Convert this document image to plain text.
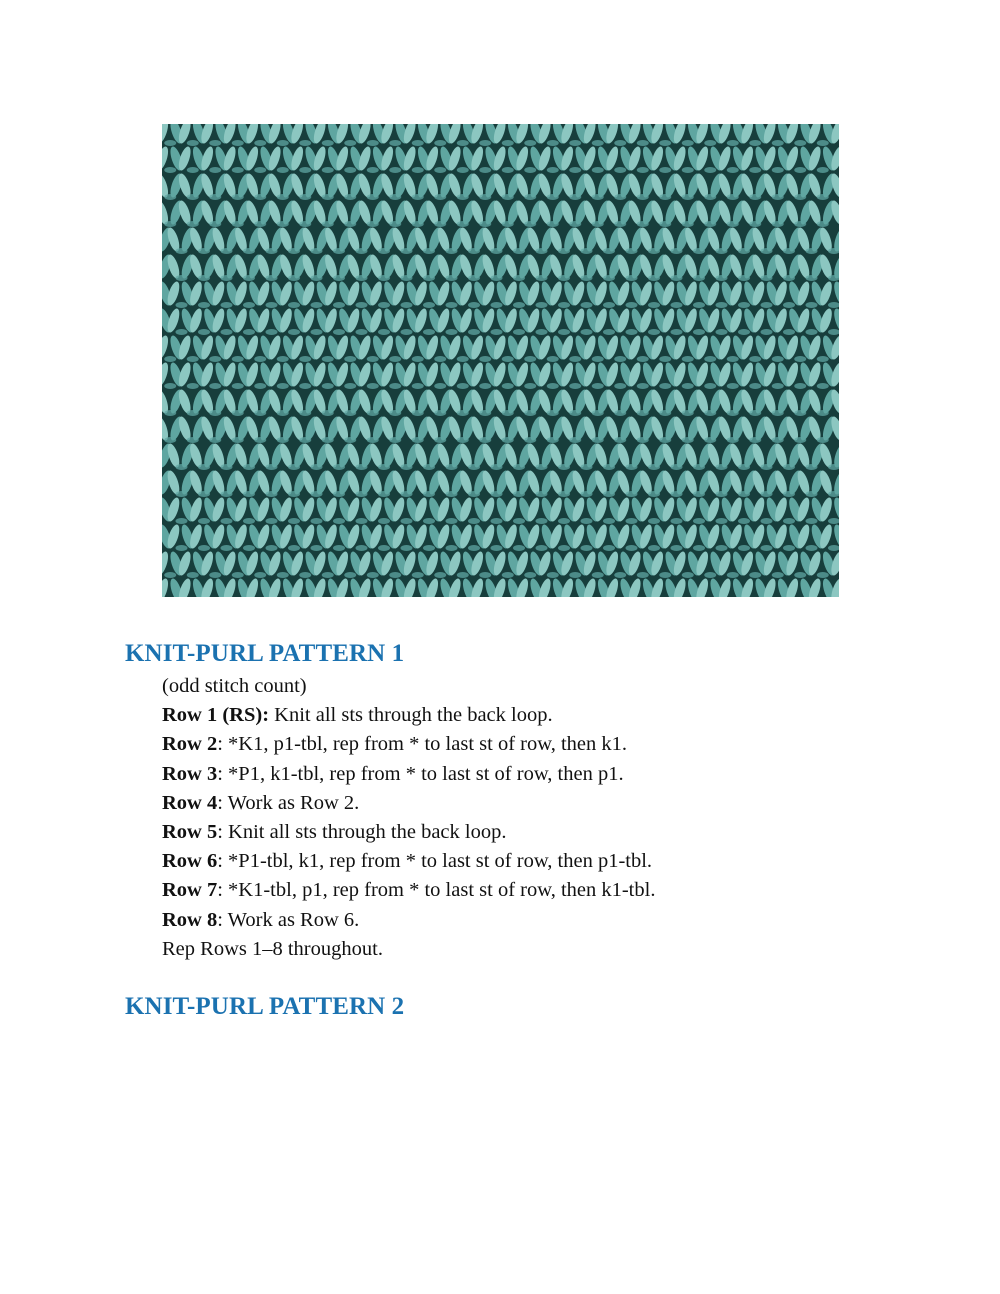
KNIT-PURL PATTERN 1
(odd stitch count)
Row 1 (RS): Knit all sts through the back loop.
Row 2: *K1, p1-tbl, rep from * to last st of row, then k1.
Row 3: *P1, k1-tbl, rep from * to last st of row, then p1.
Row 4: Work as Row 2.
Row 5: Knit all sts through the back loop.
Row 6: *P1-tbl, k1, rep from * to last st of row, then p1-tbl.
Row 7: *K1-tbl, p1, rep from * to last st of row, then k1-tbl.
Row 8: Work as Row 6.
Rep Rows 1–8 throughout.
KNIT-PURL PATTERN 2
